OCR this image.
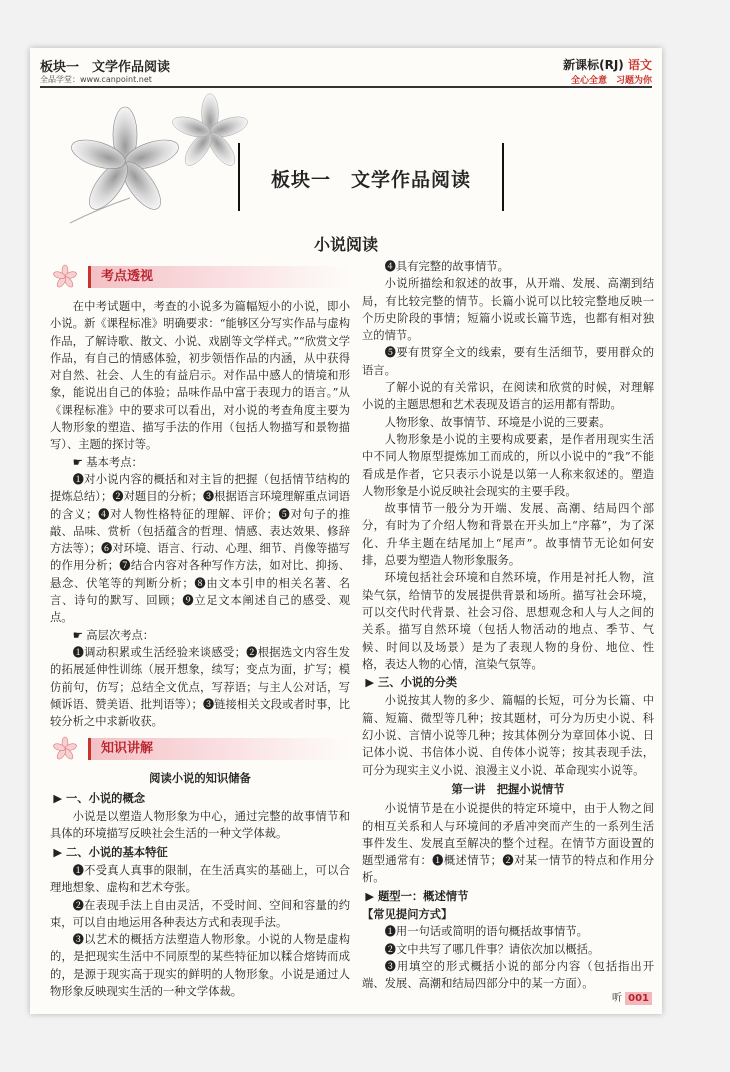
板块一　文学作品阅读
全品学堂：www.canpoint.net
新课标(RJ) 语文
全心全意　习题为你
板块一　文学作品阅读
小说阅读
考点透视

在中考试题中，考查的小说多为篇幅短小的小说，即小小说。新《课程标准》明确要求：“能够区分写实作品与虚构作品，了解诗歌、散文、小说、戏剧等文学样式。”“欣赏文学作品，有自己的情感体验，初步领悟作品的内涵，从中获得对自然、社会、人生的有益启示。对作品中感人的情境和形象，能说出自己的体验；品味作品中富于表现力的语言。”从《课程标准》中的要求可以看出，对小说的考查角度主要为人物形象的塑造、描写手法的作用（包括人物描写和景物描写）、主题的探讨等。

☛ 基本考点：

❶对小说内容的概括和对主旨的把握（包括情节结构的提炼总结）；❷对题目的分析；❸根据语言环境理解重点词语的含义；❹对人物性格特征的理解、评价；❺对句子的推敲、品味、赏析（包括蕴含的哲理、情感、表达效果、修辞方法等）；❻对环境、语言、行动、心理、细节、肖像等描写的作用分析；❼结合内容对各种写作方法，如对比、抑扬、悬念、伏笔等的判断分析；❽由文本引申的相关名著、名言、诗句的默写、回顾；❾立足文本阐述自己的感受、观点。

☛ 高层次考点：

❶调动积累或生活经验来谈感受；❷根据选文内容生发的拓展延伸性训练（展开想象，续写；变点为面，扩写；模仿前句，仿写；总结全文优点，写荐语；与主人公对话，写倾诉语、赞美语、批判语等）；❸链接相关文段或者时事，比较分析之中求新收获。

知识讲解
阅读小说的知识储备
▶ 一、小说的概念

小说是以塑造人物形象为中心，通过完整的故事情节和具体的环境描写反映社会生活的一种文学体裁。

▶ 二、小说的基本特征

❶不受真人真事的限制，在生活真实的基础上，可以合理地想象、虚构和艺术夸张。

❷在表现手法上自由灵活，不受时间、空间和容量的约束，可以自由地运用各种表达方式和表现手法。

❸以艺术的概括方法塑造人物形象。小说的人物是虚构的，是把现实生活中不同原型的某些特征加以糅合熔铸而成的，是源于现实高于现实的鲜明的人物形象。小说是通过人物形象反映现实生活的一种文学体裁。

❹具有完整的故事情节。

小说所描绘和叙述的故事，从开端、发展、高潮到结局，有比较完整的情节。长篇小说可以比较完整地反映一个历史阶段的事情；短篇小说或长篇节选，也都有相对独立的情节。

❺要有贯穿全文的线索，要有生活细节，要用群众的语言。

了解小说的有关常识，在阅读和欣赏的时候，对理解小说的主题思想和艺术表现及语言的运用都有帮助。

人物形象、故事情节、环境是小说的三要素。

人物形象是小说的主要构成要素，是作者用现实生活中不同人物原型提炼加工而成的，所以小说中的“我”不能看成是作者，它只表示小说是以第一人称来叙述的。塑造人物形象是小说反映社会现实的主要手段。

故事情节一般分为开端、发展、高潮、结局四个部分，有时为了介绍人物和背景在开头加上“序幕”，为了深化、升华主题在结尾加上“尾声”。故事情节无论如何安排，总要为塑造人物形象服务。

环境包括社会环境和自然环境，作用是衬托人物，渲染气氛，给情节的发展提供背景和场所。描写社会环境，可以交代时代背景、社会习俗、思想观念和人与人之间的关系。描写自然环境（包括人物活动的地点、季节、气候、时间以及场景）是为了表现人物的身份、地位、性格，表达人物的心情，渲染气氛等。

▶ 三、小说的分类

小说按其人物的多少、篇幅的长短，可分为长篇、中篇、短篇、微型等几种；按其题材，可分为历史小说、科幻小说、言情小说等几种；按其体例分为章回体小说、日记体小说、书信体小说、自传体小说等；按其表现手法，可分为现实主义小说、浪漫主义小说、革命现实小说等。

第一讲　把握小说情节

小说情节是在小说提供的特定环境中，由于人物之间的相互关系和人与环境间的矛盾冲突而产生的一系列生活事件发生、发展直至解决的整个过程。在情节方面设置的题型通常有：❶概述情节；❷对某一情节的特点和作用分析。

▶ 题型一：概述情节

【常见提问方式】

❶用一句话或简明的语句概括故事情节。

❷文中共写了哪几件事？请依次加以概括。

❸用填空的形式概括小说的部分内容（包括指出开端、发展、高潮和结局四部分中的某一方面）。

听 001
